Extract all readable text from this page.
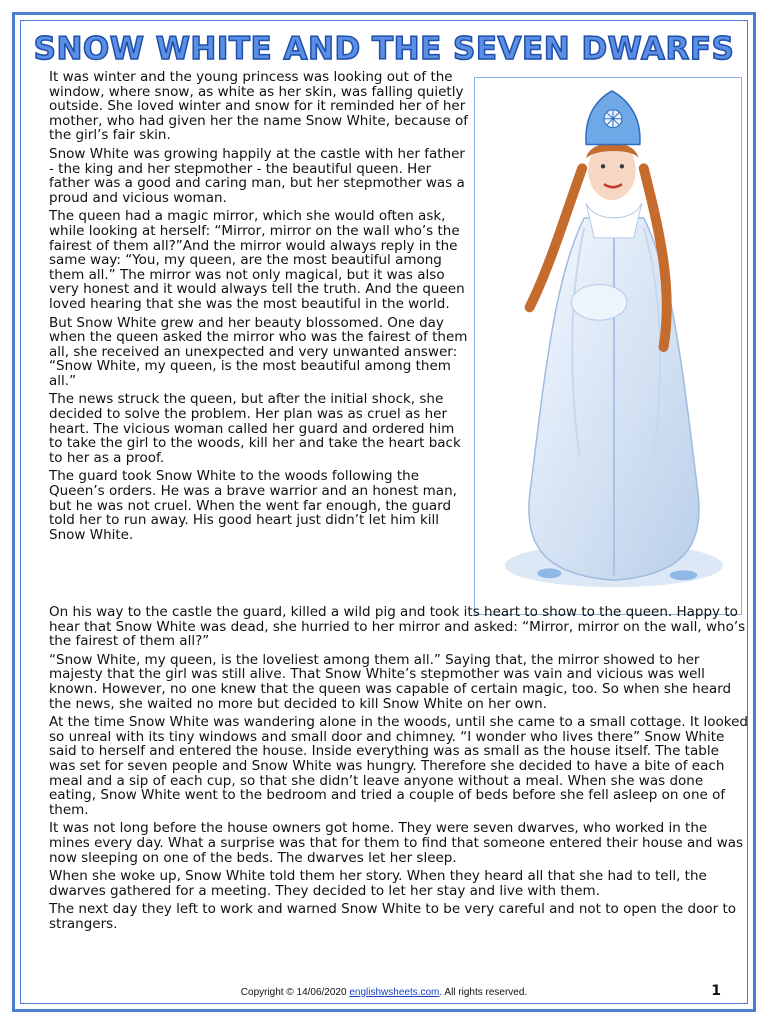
SNOW WHITE AND THE SEVEN DWARFS

It was winter and the young princess was looking out of the window, where snow, as white as her skin, was falling quietly outside. She loved winter and snow for it reminded her of her mother, who had given her the name Snow White, because of the girl’s fair skin.

Snow White was growing happily at the castle with her father - the king and her stepmother - the beautiful queen. Her father was a good and caring man, but her stepmother was a proud and vicious woman.

The queen had a magic mirror, which she would often ask, while looking at herself: “Mirror, mirror on the wall who’s the fairest of them all?”And the mirror would always reply in the same way: “You, my queen, are the most beautiful among them all.” The mirror was not only magical, but it was also very honest and it would always tell the truth. And the queen loved hearing that she was the most beautiful in the world.

But Snow White grew and her beauty blossomed. One day when the queen asked the mirror who was the fairest of them all, she received an unexpected and very unwanted answer: “Snow White, my queen, is the most beautiful among them all.”

The news struck the queen, but after the initial shock, she decided to solve the problem. Her plan was as cruel as her heart. The vicious woman called her guard and ordered him to take the girl to the woods, kill her and take the heart back to her as a proof.

The guard took Snow White to the woods following the Queen’s orders. He was a brave warrior and an honest man, but he was not cruel. When the went far enough, the guard told her to run away. His good heart just didn’t let him kill Snow White.

On his way to the castle the guard, killed a wild pig and took its heart to show to the queen. Happy to hear that Snow White was dead, she hurried to her mirror and asked: “Mirror, mirror on the wall, who’s the fairest of them all?”

“Snow White, my queen, is the loveliest among them all.” Saying that, the mirror showed to her majesty that the girl was still alive. That Snow White’s stepmother was vain and vicious was well known. However, no one knew that the queen was capable of certain magic, too. So when she heard the news, she waited no more but decided to kill Snow White on her own.

At the time Snow White was wandering alone in the woods, until she came to a small cottage. It looked so unreal with its tiny windows and small door and chimney. “I wonder who lives there” Snow White said to herself and entered the house. Inside everything was as small as the house itself. The table was set for seven people and Snow White was hungry. Therefore she decided to have a bite of each meal and a sip of each cup, so that she didn’t leave anyone without a meal. When she was done eating, Snow White went to the bedroom and tried a couple of beds before she fell asleep on one of them.

It was not long before the house owners got home. They were seven dwarves, who worked in the mines every day. What a surprise was that for them to find that someone entered their house and was now sleeping on one of the beds. The dwarves let her sleep.

When she woke up, Snow White told them her story. When they heard all that she had to tell, the dwarves gathered for a meeting. They decided to let her stay and live with them.

The next day they left to work and warned Snow White to be very careful and not to open the door to strangers.

Copyright © 14/06/2020 englishwsheets.com. All rights reserved.	1
